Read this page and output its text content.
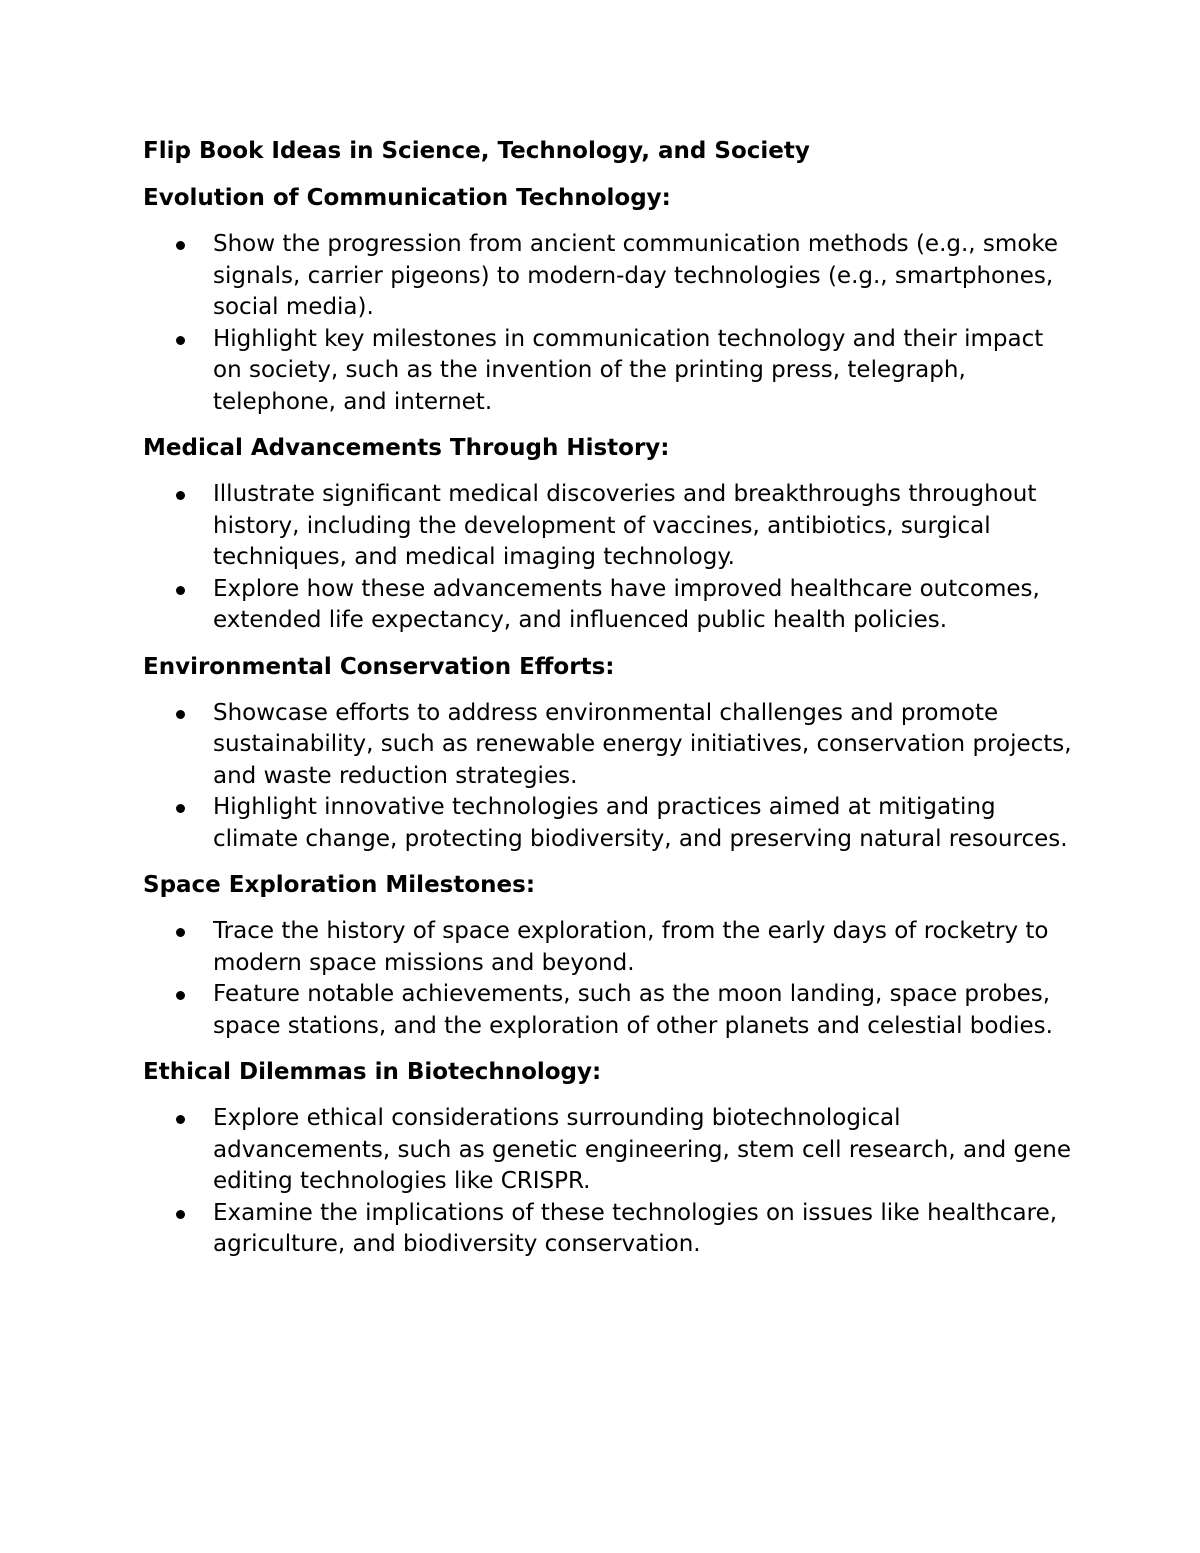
Flip Book Ideas in Science, Technology, and Society

Evolution of Communication Technology:

Show the progression from ancient communication methods (e.g., smoke signals, carrier pigeons) to modern-day technologies (e.g., smartphones, social media).
Highlight key milestones in communication technology and their impact on society, such as the invention of the printing press, telegraph, telephone, and internet.

Medical Advancements Through History:

Illustrate significant medical discoveries and breakthroughs throughout history, including the development of vaccines, antibiotics, surgical techniques, and medical imaging technology.
Explore how these advancements have improved healthcare outcomes, extended life expectancy, and influenced public health policies.

Environmental Conservation Efforts:

Showcase efforts to address environmental challenges and promote sustainability, such as renewable energy initiatives, conservation projects, and waste reduction strategies.
Highlight innovative technologies and practices aimed at mitigating climate change, protecting biodiversity, and preserving natural resources.

Space Exploration Milestones:

Trace the history of space exploration, from the early days of rocketry to modern space missions and beyond.
Feature notable achievements, such as the moon landing, space probes, space stations, and the exploration of other planets and celestial bodies.

Ethical Dilemmas in Biotechnology:

Explore ethical considerations surrounding biotechnological advancements, such as genetic engineering, stem cell research, and gene editing technologies like CRISPR.
Examine the implications of these technologies on issues like healthcare, agriculture, and biodiversity conservation.
